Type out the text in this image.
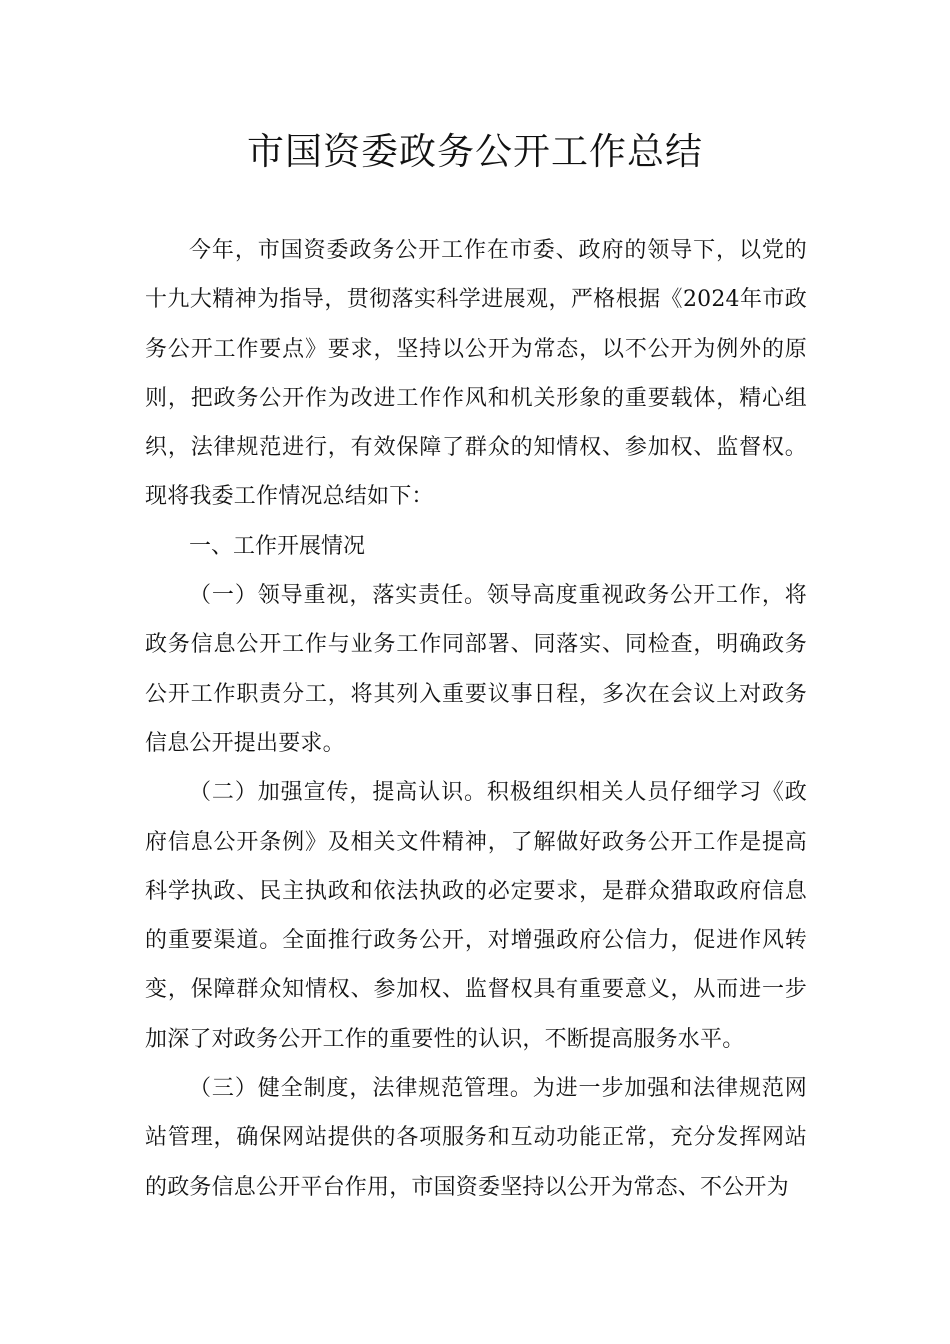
市国资委政务公开工作总结

今年，市国资委政务公开工作在市委、政府的领导下，以党的十九大精神为指导，贯彻落实科学进展观，严格根据《2024年市政务公开工作要点》要求，坚持以公开为常态，以不公开为例外的原则，把政务公开作为改进工作作风和机关形象的重要载体，精心组织，法律规范进行，有效保障了群众的知情权、参加权、监督权。现将我委工作情况总结如下：

一、工作开展情况

（一）领导重视，落实责任。领导高度重视政务公开工作，将政务信息公开工作与业务工作同部署、同落实、同检查，明确政务公开工作职责分工，将其列入重要议事日程，多次在会议上对政务信息公开提出要求。

（二）加强宣传，提高认识。积极组织相关人员仔细学习《政府信息公开条例》及相关文件精神，了解做好政务公开工作是提高科学执政、民主执政和依法执政的必定要求，是群众猎取政府信息的重要渠道。全面推行政务公开，对增强政府公信力，促进作风转变，保障群众知情权、参加权、监督权具有重要意义，从而进一步加深了对政务公开工作的重要性的认识，不断提高服务水平。

（三）健全制度，法律规范管理。为进一步加强和法律规范网站管理，确保网站提供的各项服务和互动功能正常，充分发挥网站的政务信息公开平台作用，市国资委坚持以公开为常态、不公开为
